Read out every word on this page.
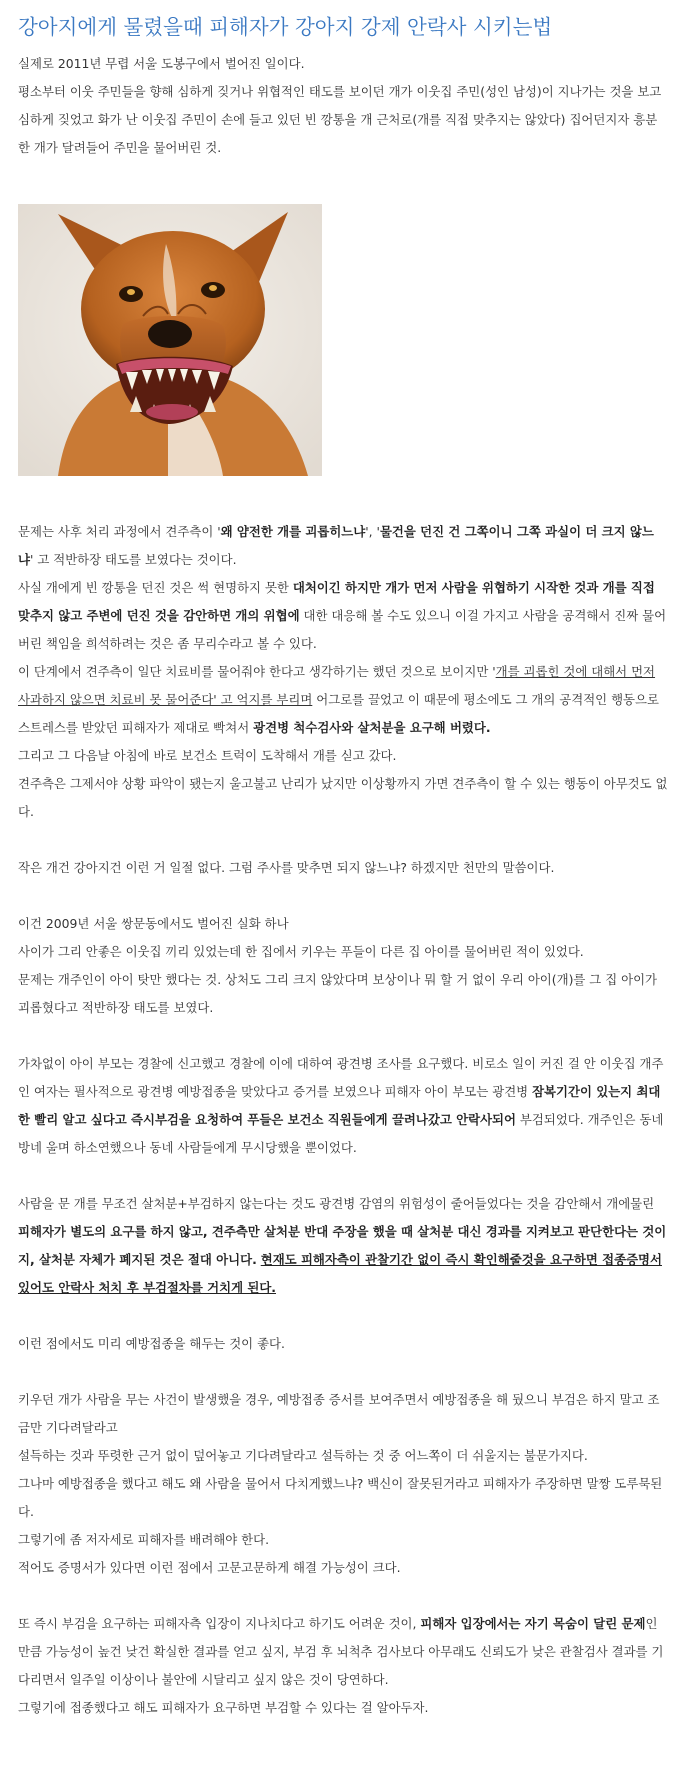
강아지에게 물렸을때 피해자가 강아지 강제 안락사 시키는법

실제로 2011년 무렵 서울 도봉구에서 벌어진 일이다.

평소부터 이웃 주민들을 향해 심하게 짖거나 위협적인 태도를 보이던 개가 이웃집 주민(성인 남성)이 지나가는 것을 보고 심하게 짖었고 화가 난 이웃집 주민이 손에 들고 있던 빈 깡통을 개 근처로(개를 직접 맞추지는 않았다) 집어던지자 흥분한 개가 달려들어 주민을 물어버린 것.

문제는 사후 처리 과정에서 견주측이 '왜 얌전한 개를 괴롭히느냐', '물건을 던진 건 그쪽이니 그쪽 과실이 더 크지 않느냐' 고 적반하장 태도를 보였다는 것이다.

사실 개에게 빈 깡통을 던진 것은 썩 현명하지 못한 대처이긴 하지만 개가 먼저 사람을 위협하기 시작한 것과 개를 직접 맞추지 않고 주변에 던진 것을 감안하면 개의 위협에 대한 대응해 볼 수도 있으니 이걸 가지고 사람을 공격해서 진짜 물어버린 책임을 희석하려는 것은 좀 무리수라고 볼 수 있다.

이 단계에서 견주측이 일단 치료비를 물어줘야 한다고 생각하기는 했던 것으로 보이지만 '개를 괴롭힌 것에 대해서 먼저 사과하지 않으면 치료비 못 물어준다' 고 억지를 부리며 어그로를 끌었고 이 때문에 평소에도 그 개의 공격적인 행동으로 스트레스를 받았던 피해자가 제대로 빡쳐서 광견병 척수검사와 살처분을 요구해 버렸다.

그리고 그 다음날 아침에 바로 보건소 트럭이 도착해서 개를 싣고 갔다.

견주측은 그제서야 상황 파악이 됐는지 울고불고 난리가 났지만 이상황까지 가면 견주측이 할 수 있는 행동이 아무것도 없다.

작은 개건 강아지건 이런 거 일절 없다. 그럼 주사를 맞추면 되지 않느냐? 하겠지만 천만의 말씀이다.

이건 2009년 서울 쌍문동에서도 벌어진 실화 하나

사이가 그리 안좋은 이웃집 끼리 있었는데 한 집에서 키우는 푸들이 다른 집 아이를 물어버린 적이 있었다.

문제는 개주인이 아이 탓만 했다는 것. 상처도 그리 크지 않았다며 보상이나 뭐 할 거 없이 우리 아이(개)를 그 집 아이가 괴롭혔다고 적반하장 태도를 보였다.

가차없이 아이 부모는 경찰에 신고했고 경찰에 이에 대하여 광견병 조사를 요구했다. 비로소 일이 커진 걸 안 이웃집 개주인 여자는 필사적으로 광견병 예방접종을 맞았다고 증거를 보였으나 피해자 아이 부모는 광견병 잠복기간이 있는지 최대한 빨리 알고 싶다고 즉시부검을 요청하여 푸들은 보건소 직원들에게 끌려나갔고 안락사되어 부검되었다. 개주인은 동네방네 울며 하소연했으나 동네 사람들에게 무시당했을 뿐이었다.

사람을 문 개를 무조건 살처분+부검하지 않는다는 것도 광견병 감염의 위험성이 줄어들었다는 것을 감안해서 개에물린 피해자가 별도의 요구를 하지 않고, 견주측만 살처분 반대 주장을 했을 때 살처분 대신 경과를 지켜보고 판단한다는 것이지, 살처분 자체가 폐지된 것은 절대 아니다. 현재도 피해자측이 관찰기간 없이 즉시 확인해줄것을 요구하면 접종증명서 있어도 안락사 처치 후 부검절차를 거치게 된다.

이런 점에서도 미리 예방접종을 해두는 것이 좋다.

키우던 개가 사람을 무는 사건이 발생했을 경우, 예방접종 증서를 보여주면서 예방접종을 해 뒀으니 부검은 하지 말고 조금만 기다려달라고

설득하는 것과 뚜렷한 근거 없이 덮어놓고 기다려달라고 설득하는 것 중 어느쪽이 더 쉬울지는 불문가지다.

그나마 예방접종을 했다고 해도 왜 사람을 물어서 다치게했느냐? 백신이 잘못된거라고 피해자가 주장하면 말짱 도루묵된다.

그렇기에 좀 저자세로 피해자를 배려해야 한다.

적어도 증명서가 있다면 이런 점에서 고문고문하게 해결 가능성이 크다.

또 즉시 부검을 요구하는 피해자측 입장이 지나치다고 하기도 어려운 것이, 피해자 입장에서는 자기 목숨이 달린 문제인만큼 가능성이 높건 낮건 확실한 결과를 얻고 싶지, 부검 후 뇌척추 검사보다 아무래도 신뢰도가 낮은 관찰검사 결과를 기다리면서 일주일 이상이나 불안에 시달리고 싶지 않은 것이 당연하다.

그렇기에 접종했다고 해도 피해자가 요구하면 부검할 수 있다는 걸 알아두자.
